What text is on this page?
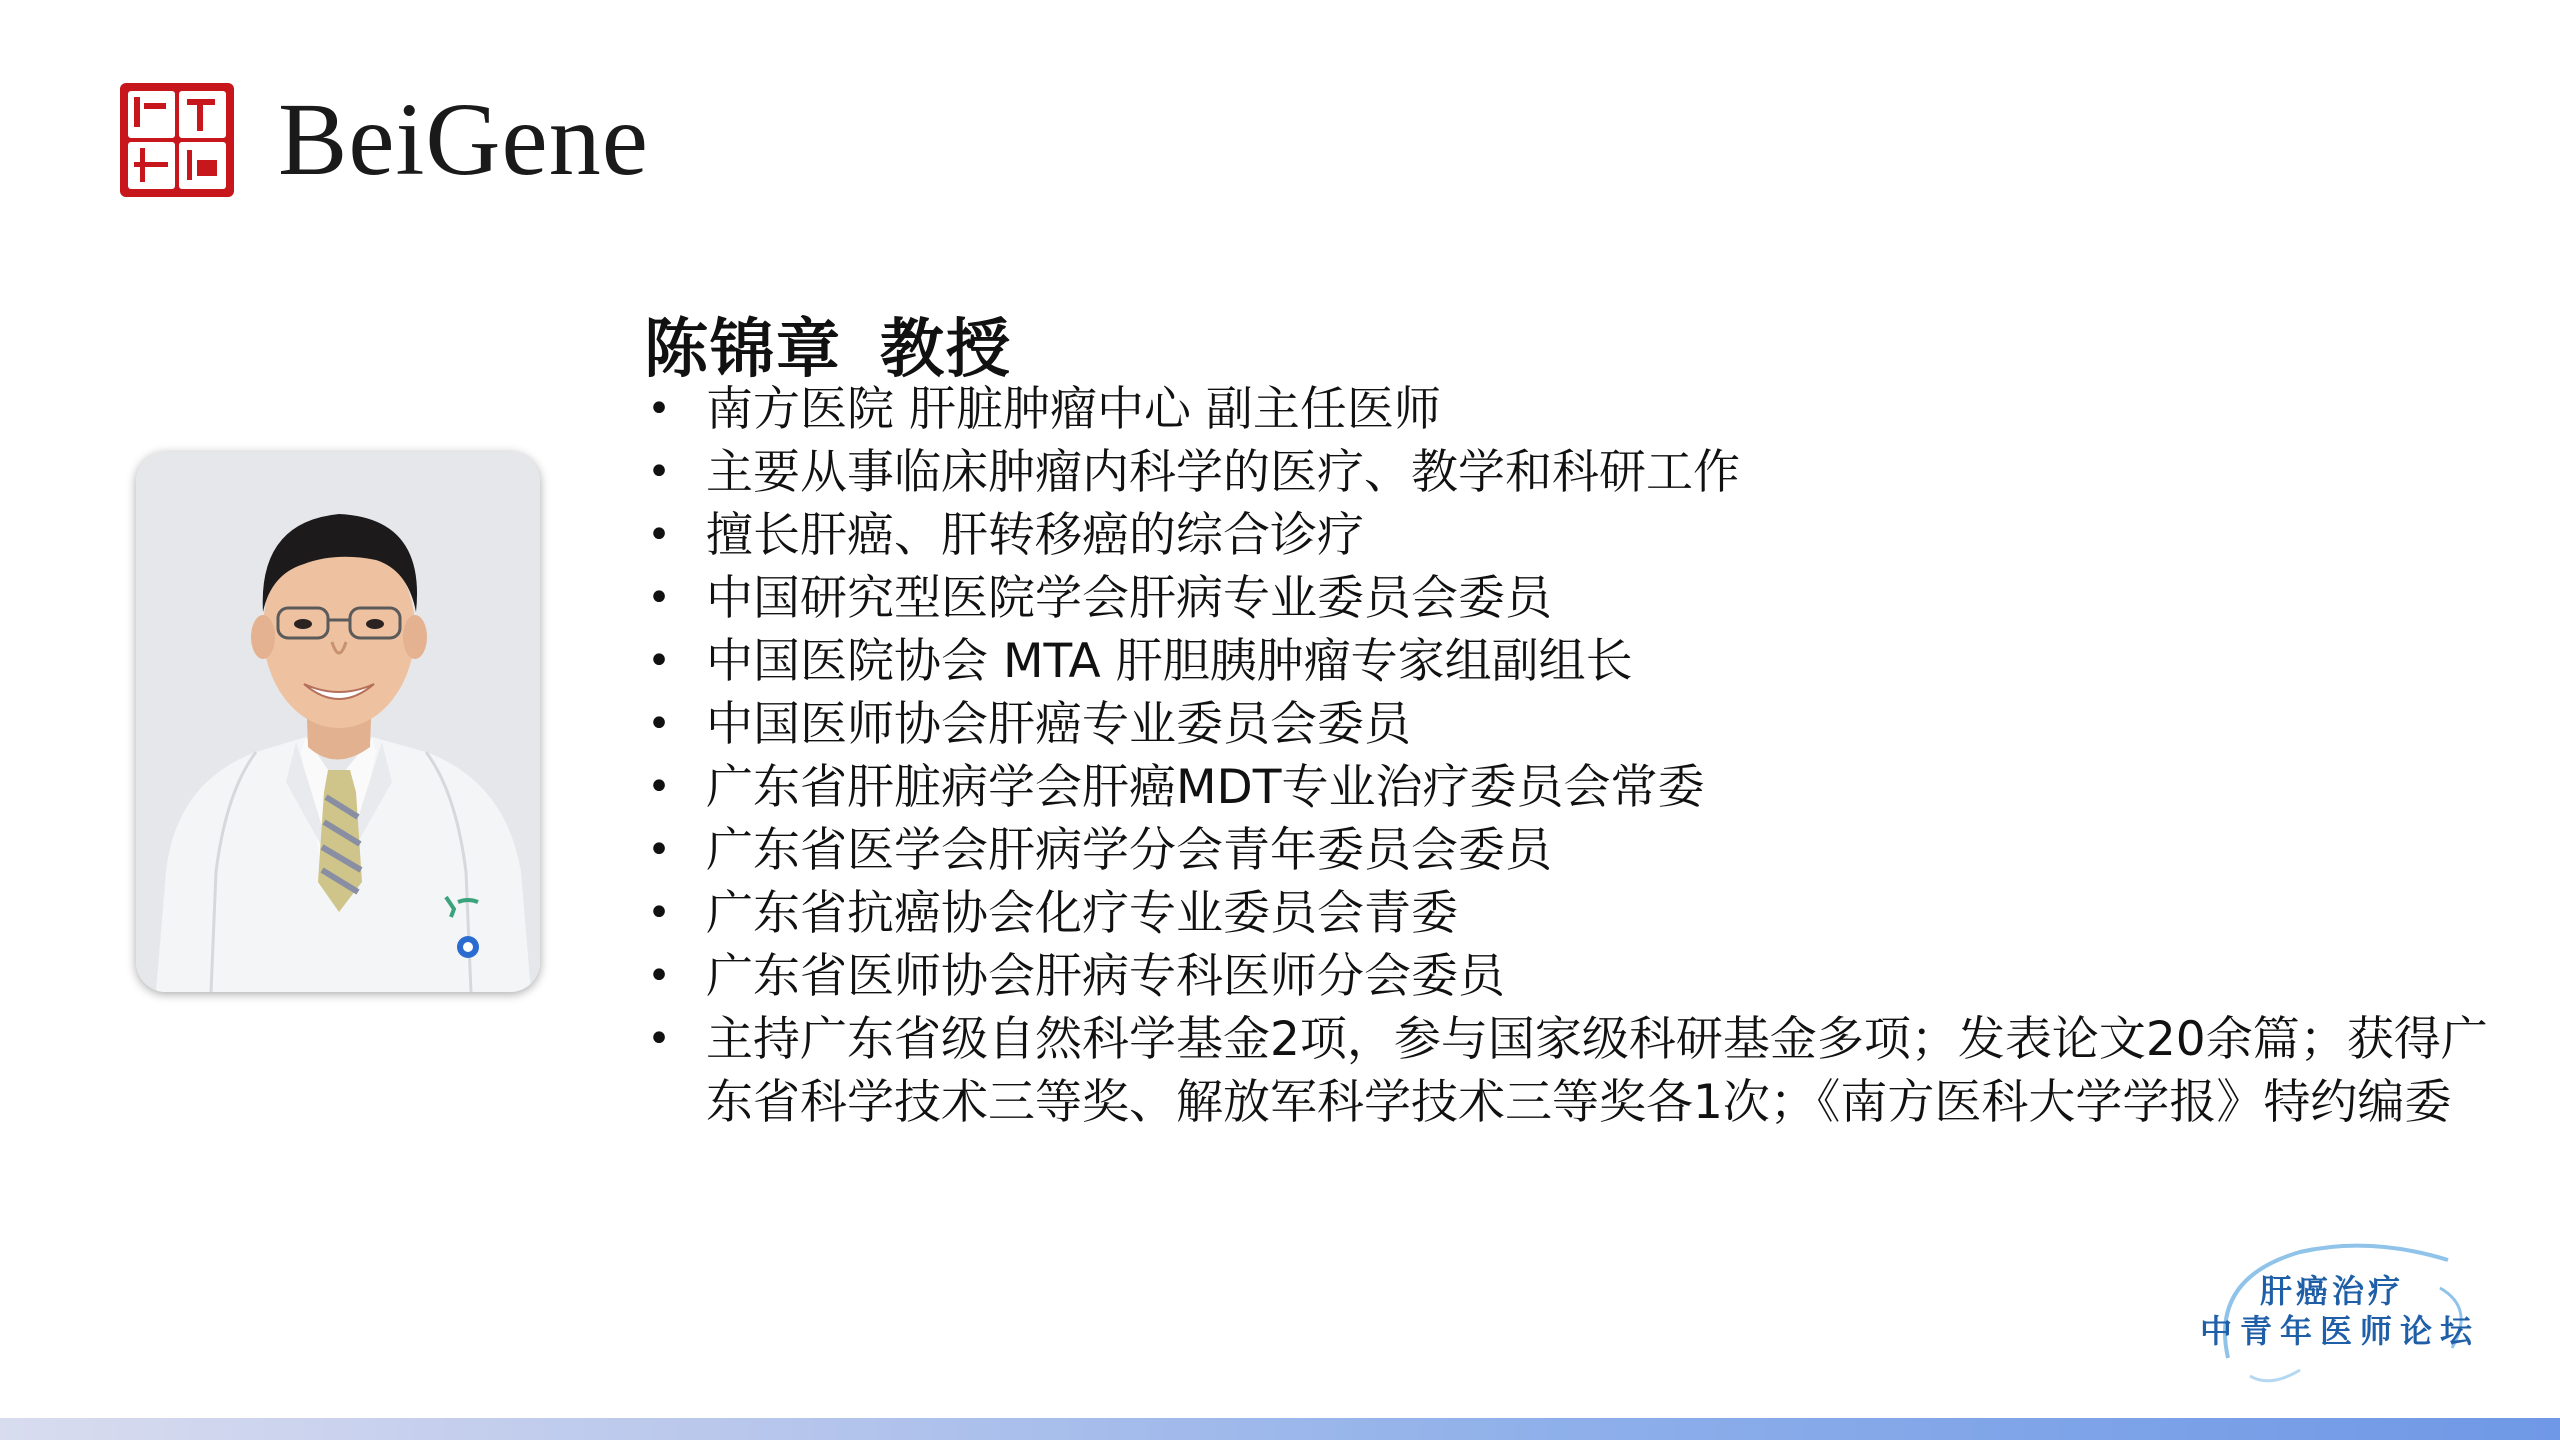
BeiGene
陈锦章 教授
• 南方医院 肝脏肿瘤中心 副主任医师
• 主要从事临床肿瘤内科学的医疗、教学和科研工作
• 擅长肝癌、肝转移癌的综合诊疗
• 中国研究型医院学会肝病专业委员会委员
• 中国医院协会 MTA 肝胆胰肿瘤专家组副组长
• 中国医师协会肝癌专业委员会委员
• 广东省肝脏病学会肝癌MDT专业治疗委员会常委
• 广东省医学会肝病学分会青年委员会委员
• 广东省抗癌协会化疗专业委员会青委
• 广东省医师协会肝病专科医师分会委员
• 主持广东省级自然科学基金2项，参与国家级科研基金多项；发表论文20余篇；获得广东省科学技术三等奖、解放军科学技术三等奖各1次；《南方医科大学学报》特约编委
肝癌治疗
中青年医师论坛
